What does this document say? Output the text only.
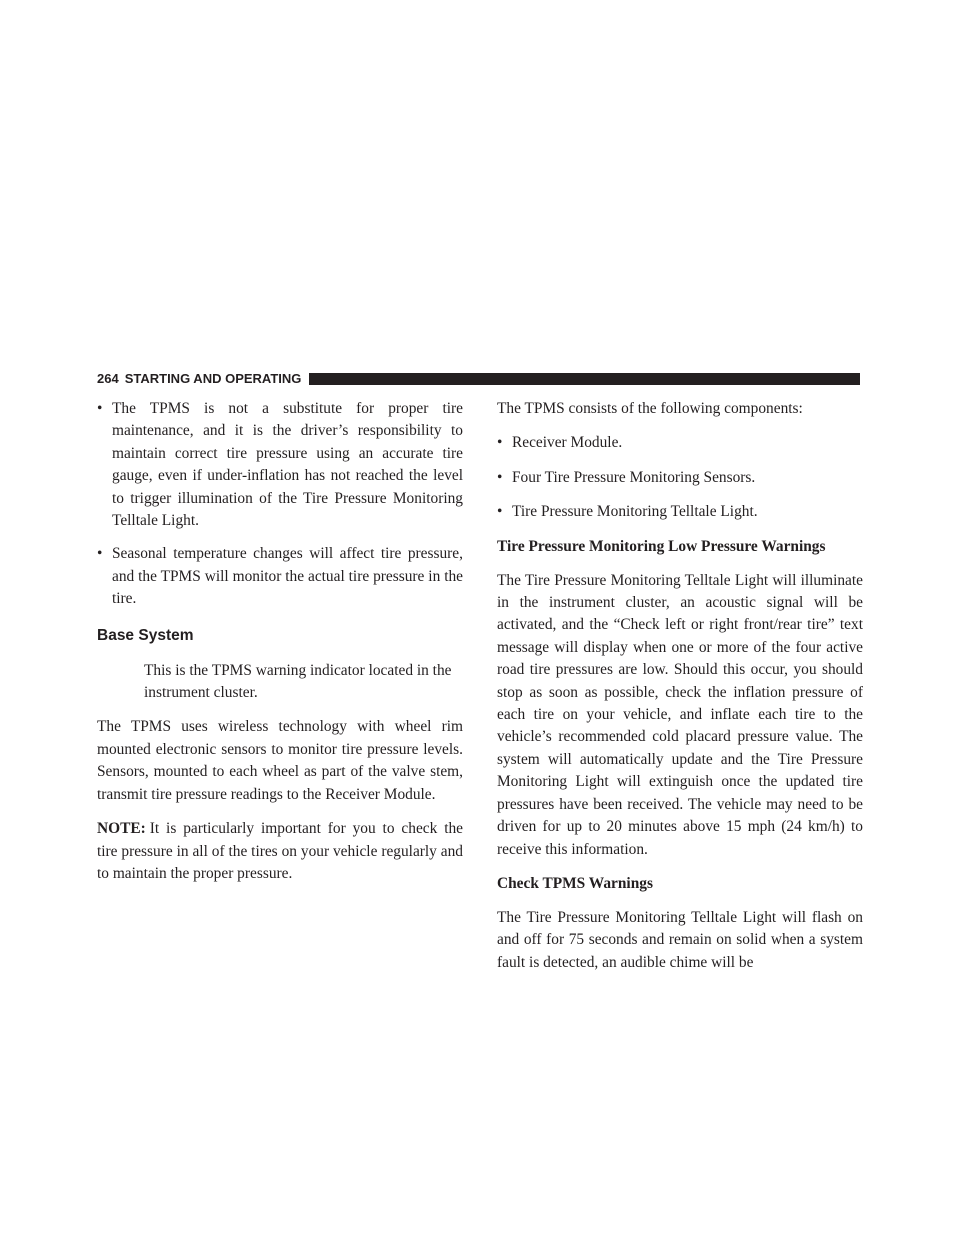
264 STARTING AND OPERATING
• The TPMS is not a substitute for proper tire maintenance, and it is the driver’s responsibility to maintain correct tire pressure using an accurate tire gauge, even if under-inflation has not reached the level to trigger illumination of the Tire Pressure Monitoring Telltale Light.
• Seasonal temperature changes will affect tire pressure, and the TPMS will monitor the actual tire pressure in the tire.
Base System
This is the TPMS warning indicator located in the instrument cluster.

The TPMS uses wireless technology with wheel rim mounted electronic sensors to monitor tire pressure levels. Sensors, mounted to each wheel as part of the valve stem, transmit tire pressure readings to the Receiver Module.

NOTE: It is particularly important for you to check the tire pressure in all of the tires on your vehicle regularly and to maintain the proper pressure.

The TPMS consists of the following components:

• Receiver Module.
• Four Tire Pressure Monitoring Sensors.
• Tire Pressure Monitoring Telltale Light.
Tire Pressure Monitoring Low Pressure Warnings

The Tire Pressure Monitoring Telltale Light will illuminate in the instrument cluster, an acoustic signal will be activated, and the “Check left or right front/rear tire” text message will display when one or more of the four active road tire pressures are low. Should this occur, you should stop as soon as possible, check the inflation pressure of each tire on your vehicle, and inflate each tire to the vehicle’s recommended cold placard pressure value. The system will automatically update and the Tire Pressure Monitoring Light will extinguish once the updated tire pressures have been received. The vehicle may need to be driven for up to 20 minutes above 15 mph (24 km/h) to receive this information.

Check TPMS Warnings

The Tire Pressure Monitoring Telltale Light will flash on and off for 75 seconds and remain on solid when a system fault is detected, an audible chime will be
